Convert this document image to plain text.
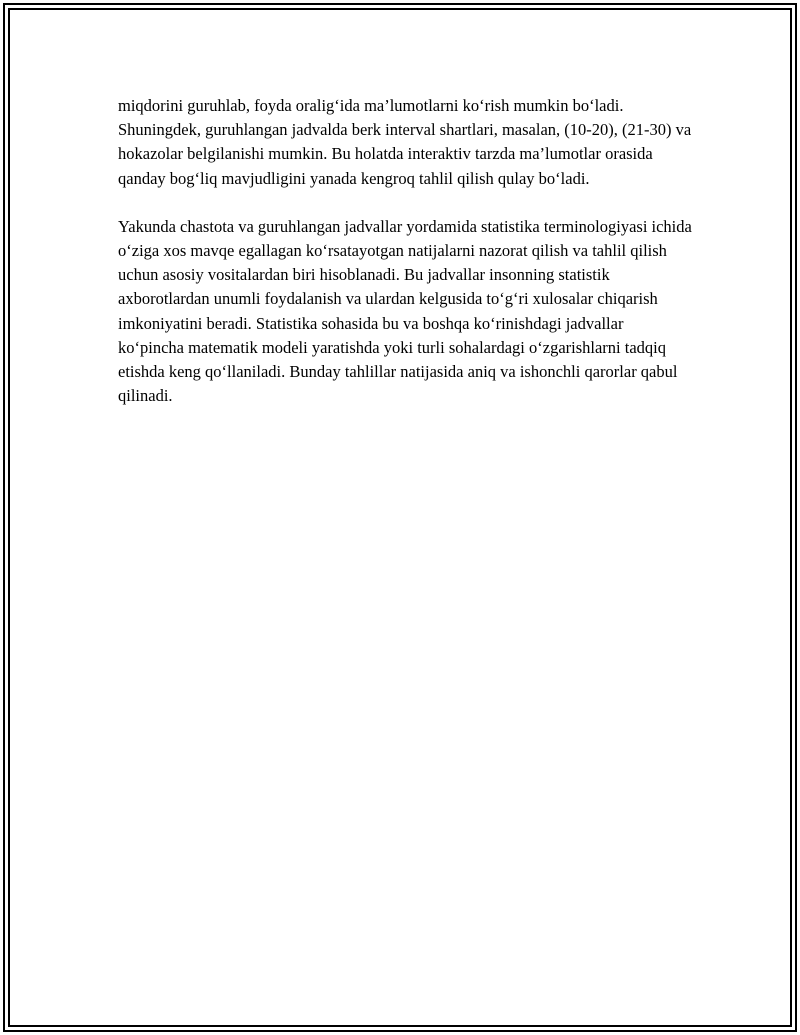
miqdorini guruhlab, foyda oralig‘ida ma’lumotlarni ko‘rish mumkin bo‘ladi. Shuningdek, guruhlangan jadvalda berk interval shartlari, masalan, (10-20), (21-30) va hokazolar belgilanishi mumkin. Bu holatda interaktiv tarzda ma’lumotlar orasida qanday bog‘liq mavjudligini yanada kengroq tahlil qilish qulay bo‘ladi.

Yakunda chastota va guruhlangan jadvallar yordamida statistika terminologiyasi ichida o‘ziga xos mavqe egallagan ko‘rsatayotgan natijalarni nazorat qilish va tahlil qilish uchun asosiy vositalardan biri hisoblanadi. Bu jadvallar insonning statistik axborotlardan unumli foydalanish va ulardan kelgusida to‘g‘ri xulosalar chiqarish imkoniyatini beradi. Statistika sohasida bu va boshqa ko‘rinishdagi jadvallar ko‘pincha matematik modeli yaratishda yoki turli sohalardagi o‘zgarishlarni tadqiq etishda keng qo‘llaniladi. Bunday tahlillar natijasida aniq va ishonchli qarorlar qabul qilinadi.
